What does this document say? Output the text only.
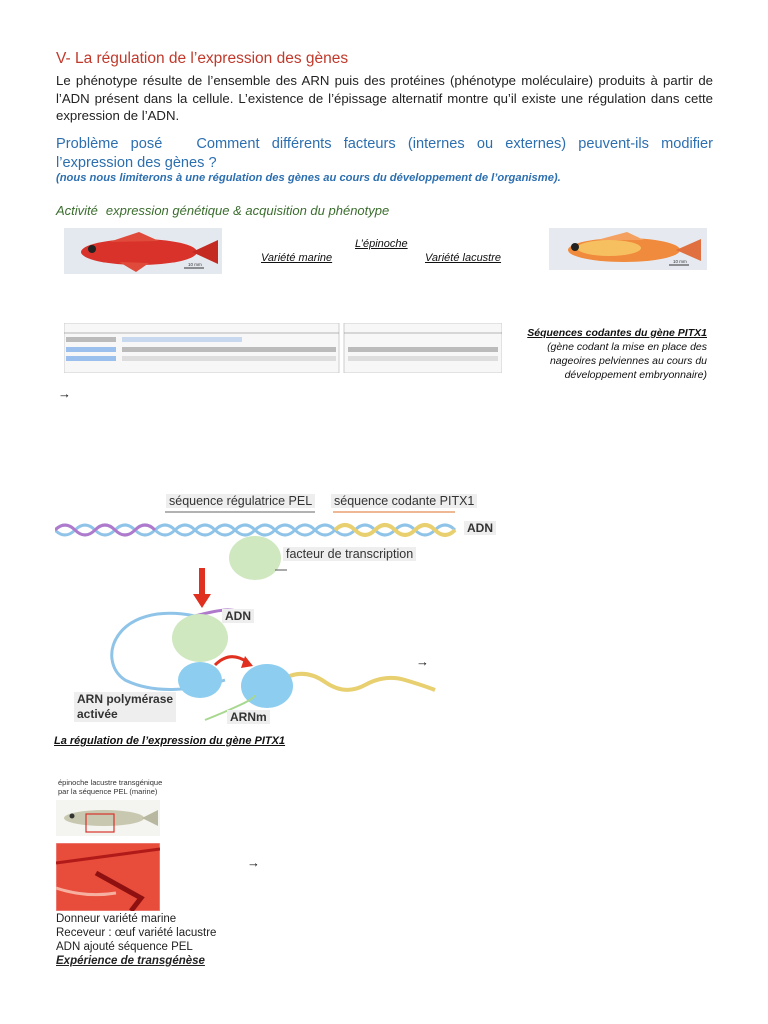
V- La régulation de l’expression des gènes
Le phénotype résulte de l’ensemble des ARN puis des protéines (phénotype moléculaire) produits à partir de l’ADN présent dans la cellule. L’existence de l’épissage alternatif montre qu’il existe une régulation dans cette expression de l’ADN.
Problème posé Comment différents facteurs (internes ou externes) peuvent-ils modifier l’expression des gènes ?
(nous nous limiterons à une régulation des gènes au cours du développement de l’organisme).
Activité expression génétique & acquisition du phénotype
10 mm
L’épinoche
Variété marine	Variété lacustre	10 mm
Séquences codantes du gène PITX1
(gène codant la mise en place des nageoires pelviennes au cours du développement embryonnaire)
→
séquence régulatrice PEL séquence codante PITX1
ADN
facteur de transcription
ADN
ARN polymérase
activée	ARNm
→
La régulation de l’expression du gène PITX1
épinoche lacustre transgénique
par la séquence PEL (marine)
→
Donneur variété marine
Receveur : œuf variété lacustre
ADN ajouté séquence PEL
Expérience de transgénèse
